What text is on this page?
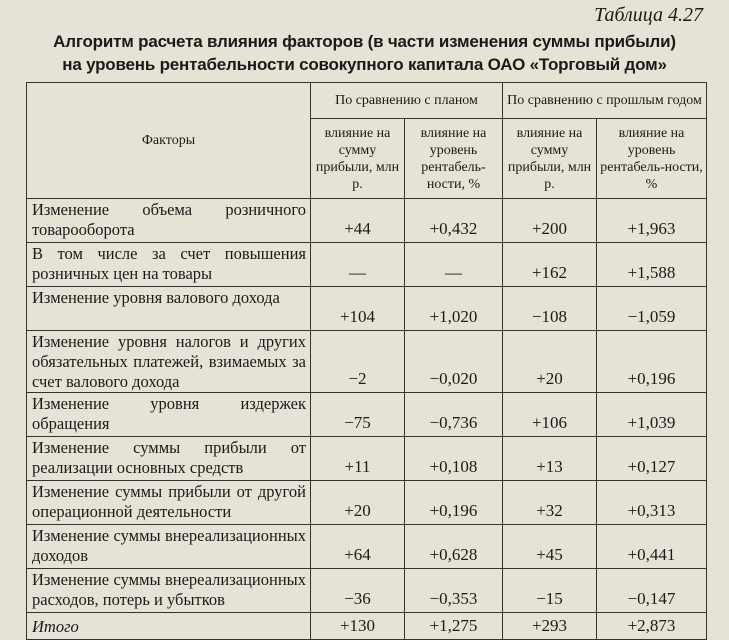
Таблица 4.27
Алгоритм расчета влияния факторов (в части изменения суммы прибыли)
на уровень рентабельности совокупного капитала ОАО «Торговый дом»
Факторы	По сравнению с планом		По сравнению с прошлым годом	
	влияние на сумму прибыли, млн р.	влияние на уровень рентабель-ности, %	влияние на сумму прибыли, млн р.	влияние на уровень рентабель-ности, %
Изменение объема розничного товарооборота	+44	+0,432	+200	+1,963
В том числе за счет повышения розничных цен на товары	—	—	+162	+1,588
Изменение уровня валового дохода	+104	+1,020	−108	−1,059
Изменение уровня налогов и других обязательных платежей, взимаемых за счет валового дохода	−2	−0,020	+20	+0,196
Изменение уровня издержек обращения	−75	−0,736	+106	+1,039
Изменение суммы прибыли от реализации основных средств	+11	+0,108	+13	+0,127
Изменение суммы прибыли от другой операционной деятельности	+20	+0,196	+32	+0,313
Изменение суммы внереализационных доходов	+64	+0,628	+45	+0,441
Изменение суммы внереализационных расходов, потерь и убытков	−36	−0,353	−15	−0,147
Итого	+130	+1,275	+293	+2,873
